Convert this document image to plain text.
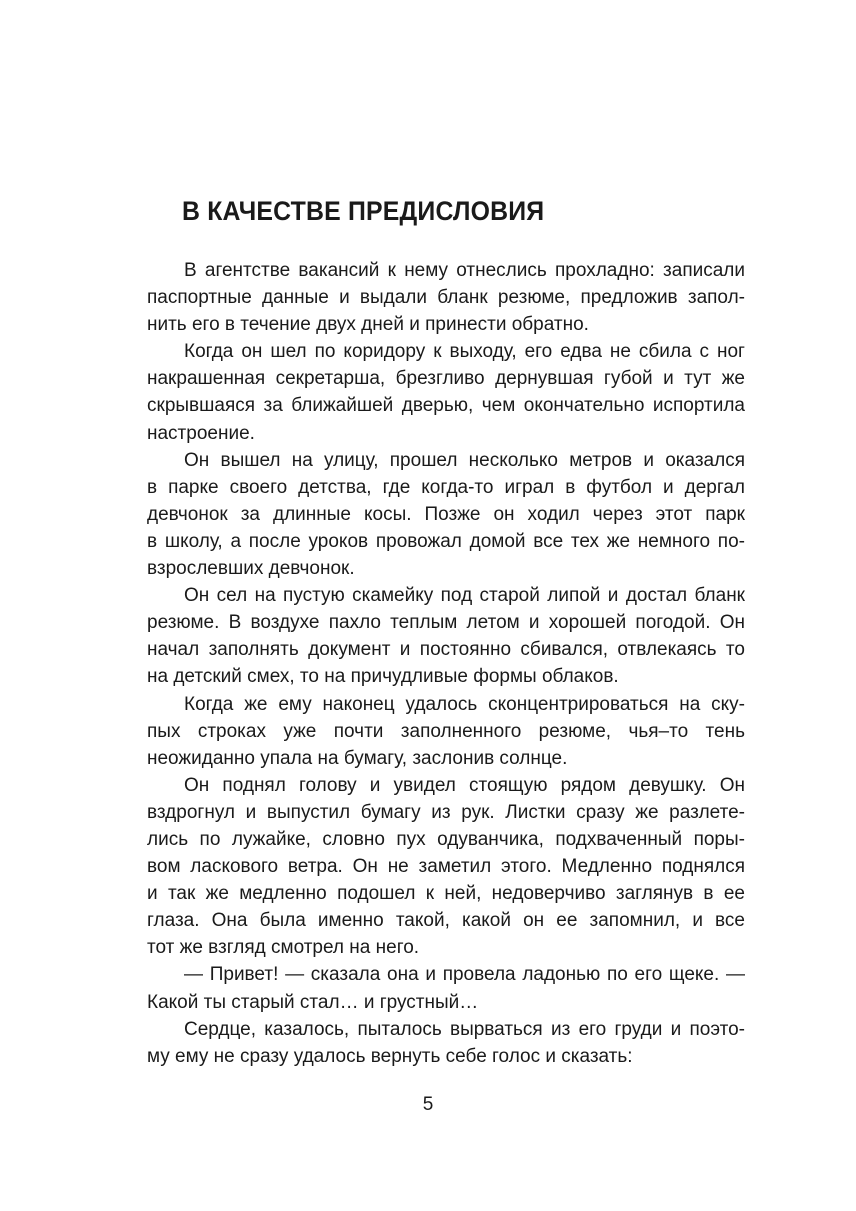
В КАЧЕСТВЕ ПРЕДИСЛОВИЯ
В агентстве вакансий к нему отнеслись прохладно: записали
паспортные данные и выдали бланк резюме, предложив запол-
нить его в течение двух дней и принести обратно.
Когда он шел по коридору к выходу, его едва не сбила с ног
накрашенная секретарша, брезгливо дернувшая губой и тут же
скрывшаяся за ближайшей дверью, чем окончательно испортила
настроение.
Он вышел на улицу, прошел несколько метров и оказался
в парке своего детства, где когда-то играл в футбол и дергал
девчонок за длинные косы. Позже он ходил через этот парк
в школу, а после уроков провожал домой все тех же немного по-
взрослевших девчонок.
Он сел на пустую скамейку под старой липой и достал бланк
резюме. В воздухе пахло теплым летом и хорошей погодой. Он
начал заполнять документ и постоянно сбивался, отвлекаясь то
на детский смех, то на причудливые формы облаков.
Когда же ему наконец удалось сконцентрироваться на ску-
пых строках уже почти заполненного резюме, чья–то тень
неожиданно упала на бумагу, заслонив солнце.
Он поднял голову и увидел стоящую рядом девушку. Он
вздрогнул и выпустил бумагу из рук. Листки сразу же разлете-
лись по лужайке, словно пух одуванчика, подхваченный поры-
вом ласкового ветра. Он не заметил этого. Медленно поднялся
и так же медленно подошел к ней, недоверчиво заглянув в ее
глаза. Она была именно такой, какой он ее запомнил, и все
тот же взгляд смотрел на него.
— Привет! — сказала она и провела ладонью по его щеке. —
Какой ты старый стал… и грустный…
Сердце, казалось, пыталось вырваться из его груди и поэто-
му ему не сразу удалось вернуть себе голос и сказать:
5
